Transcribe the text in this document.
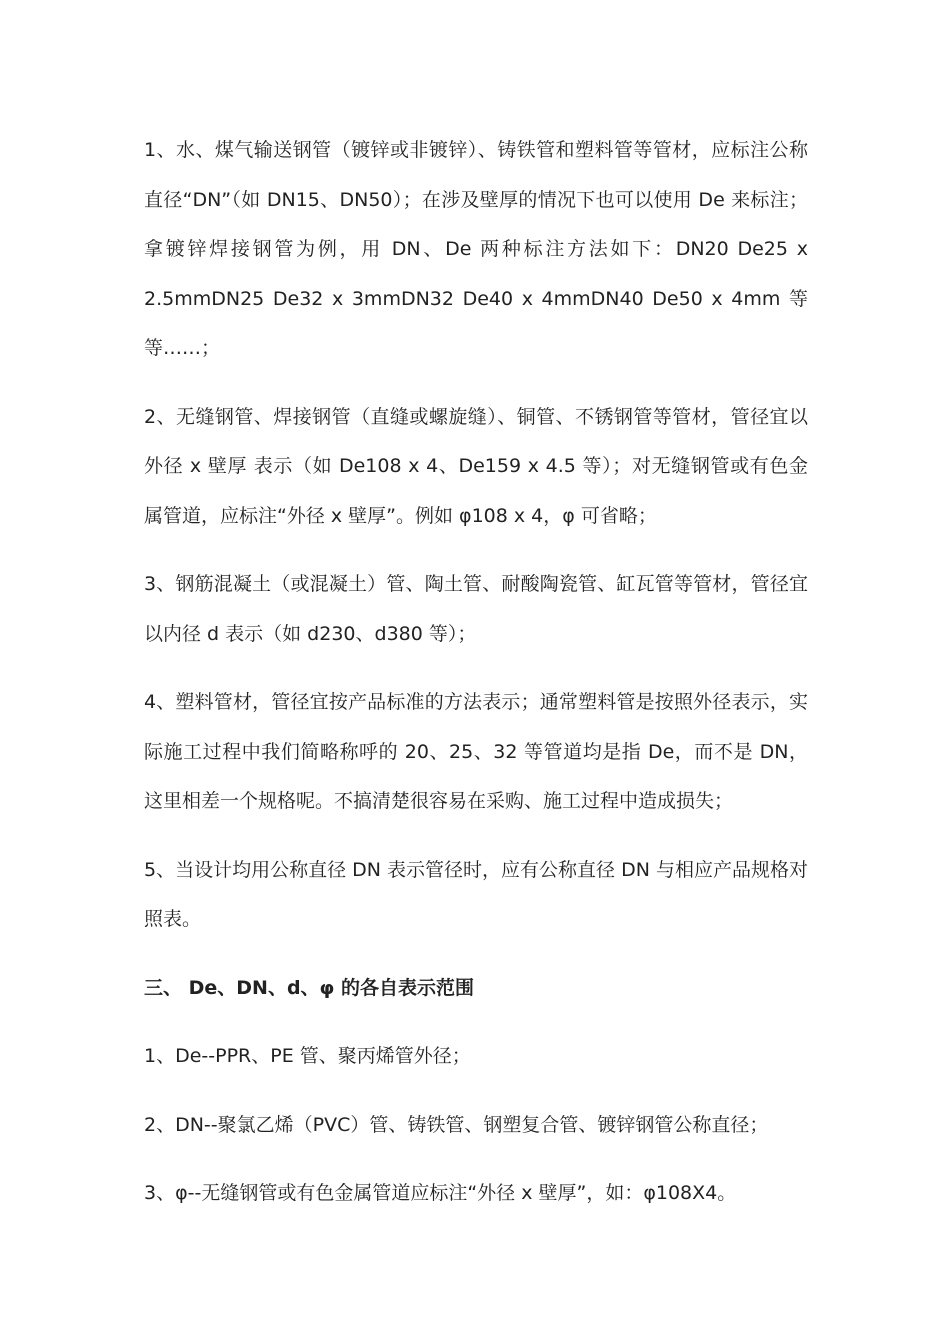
1、水、煤气输送钢管（镀锌或非镀锌）、铸铁管和塑料管等管材，应标注公称直径“DN”（如 DN15、DN50）；在涉及壁厚的情况下也可以使用 De 来标注；拿镀锌焊接钢管为例，用 DN、De 两种标注方法如下：DN20 De25 x 2.5mmDN25 De32 x 3mmDN32 De40 x 4mmDN40 De50 x 4mm 等等……；

2、无缝钢管、焊接钢管（直缝或螺旋缝）、铜管、不锈钢管等管材，管径宜以外径 x 壁厚 表示（如 De108 x 4、De159 x 4.5 等）；对无缝钢管或有色金属管道，应标注“外径 x 壁厚”。例如 φ108 x 4，φ 可省略；

3、钢筋混凝土（或混凝土）管、陶土管、耐酸陶瓷管、缸瓦管等管材，管径宜以内径 d 表示（如 d230、d380 等）；

4、塑料管材，管径宜按产品标准的方法表示；通常塑料管是按照外径表示，实际施工过程中我们简略称呼的 20、25、32 等管道均是指 De，而不是 DN，这里相差一个规格呢。不搞清楚很容易在采购、施工过程中造成损失；

5、当设计均用公称直径 DN 表示管径时，应有公称直径 DN 与相应产品规格对照表。

三、 De、DN、d、φ 的各自表示范围

1、De--PPR、PE 管、聚丙烯管外径；

2、DN--聚氯乙烯（PVC）管、铸铁管、钢塑复合管、镀锌钢管公称直径；

3、φ--无缝钢管或有色金属管道应标注“外径 x 壁厚”，如：φ108X4。
